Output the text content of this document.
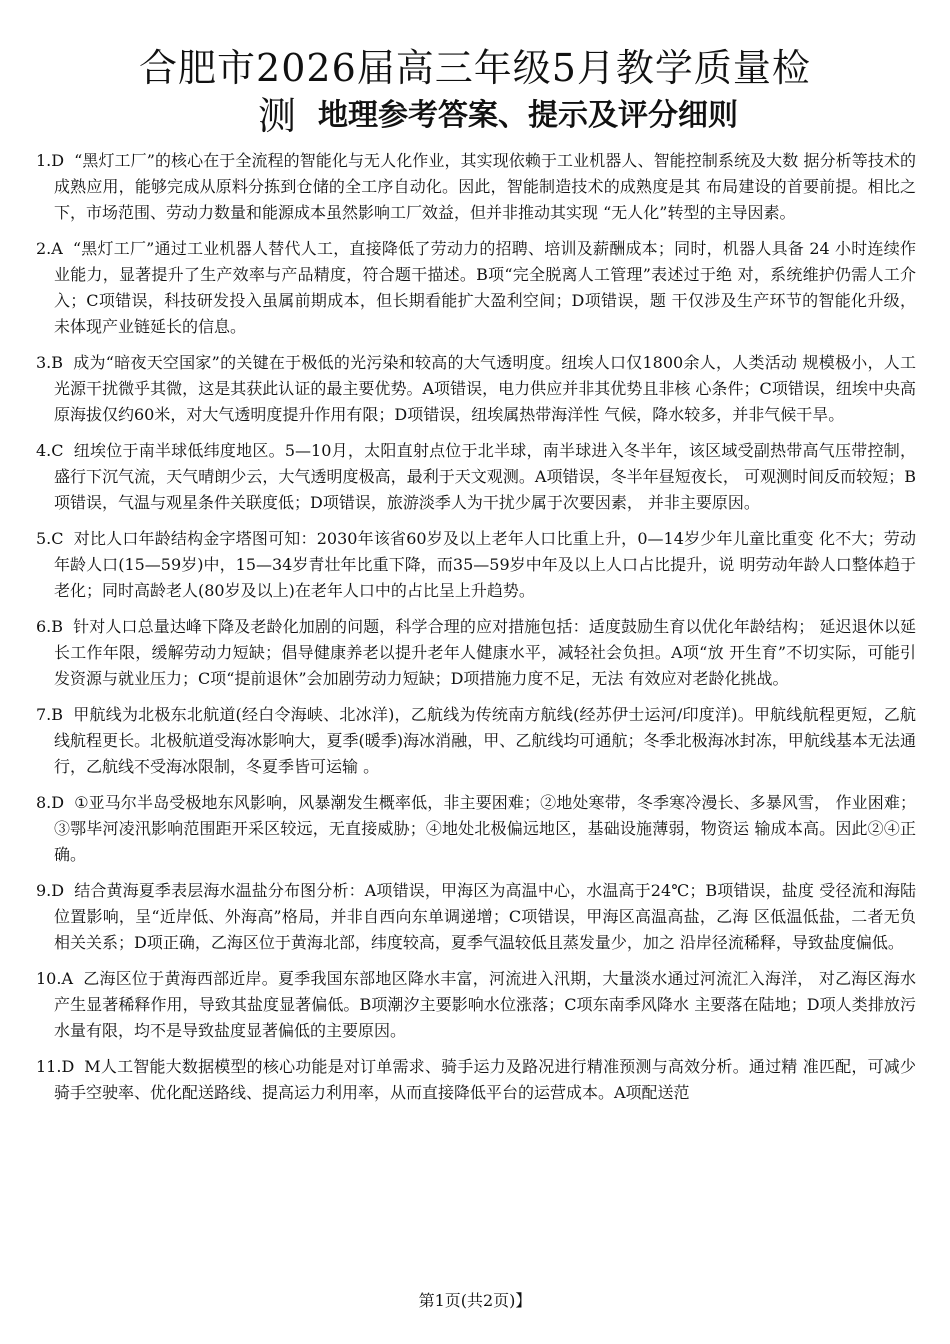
合肥市2026届高三年级5月教学质量检
测 地理参考答案、提示及评分细则
1.D “黑灯工厂”的核心在于全流程的智能化与无人化作业，其实现依赖于工业机器人、智能控制系统及大数 据分析等技术的成熟应用，能够完成从原料分拣到仓储的全工序自动化。因此，智能制造技术的成熟度是其 布局建设的首要前提。相比之下，市场范围、劳动力数量和能源成本虽然影响工厂效益，但并非推动其实现 “无人化”转型的主导因素。
2.A “黑灯工厂”通过工业机器人替代人工，直接降低了劳动力的招聘、培训及薪酬成本；同时，机器人具备 24 小时连续作业能力，显著提升了生产效率与产品精度，符合题干描述。B项“完全脱离人工管理”表述过于绝 对，系统维护仍需人工介入；C项错误，科技研发投入虽属前期成本，但长期看能扩大盈利空间；D项错误，题 干仅涉及生产环节的智能化升级，未体现产业链延长的信息。
3.B 成为“暗夜天空国家”的关键在于极低的光污染和较高的大气透明度。纽埃人口仅1800余人，人类活动 规模极小，人工光源干扰微乎其微，这是其获此认证的最主要优势。A项错误，电力供应并非其优势且非核 心条件；C项错误，纽埃中央高原海拔仅约60米，对大气透明度提升作用有限；D项错误，纽埃属热带海洋性 气候，降水较多，并非气候干旱。
4.C 纽埃位于南半球低纬度地区。5—10月，太阳直射点位于北半球，南半球进入冬半年，该区域受副热带高气压带控制，盛行下沉气流，天气晴朗少云，大气透明度极高，最利于天文观测。A项错误，冬半年昼短夜长， 可观测时间反而较短；B项错误，气温与观星条件关联度低；D项错误，旅游淡季人为干扰少属于次要因素， 并非主要原因。
5.C 对比人口年龄结构金字塔图可知：2030年该省60岁及以上老年人口比重上升，0—14岁少年儿童比重变 化不大；劳动年龄人口(15—59岁)中，15—34岁青壮年比重下降，而35—59岁中年及以上人口占比提升，说 明劳动年龄人口整体趋于老化；同时高龄老人(80岁及以上)在老年人口中的占比呈上升趋势。
6.B 针对人口总量达峰下降及老龄化加剧的问题，科学合理的应对措施包括：适度鼓励生育以优化年龄结构； 延迟退休以延长工作年限，缓解劳动力短缺；倡导健康养老以提升老年人健康水平，减轻社会负担。A项“放 开生育”不切实际，可能引发资源与就业压力；C项“提前退休”会加剧劳动力短缺；D项措施力度不足，无法 有效应对老龄化挑战。
7.B 甲航线为北极东北航道(经白令海峡、北冰洋)，乙航线为传统南方航线(经苏伊士运河/印度洋)。甲航线航程更短，乙航线航程更长。北极航道受海冰影响大，夏季(暖季)海冰消融，甲、乙航线均可通航；冬季北极海冰封冻，甲航线基本无法通行，乙航线不受海冰限制，冬夏季皆可运输 。
8.D ①亚马尔半岛受极地东风影响，风暴潮发生概率低，非主要困难；②地处寒带，冬季寒冷漫长、多暴风雪， 作业困难；③鄂毕河凌汛影响范围距开采区较远，无直接威胁；④地处北极偏远地区，基础设施薄弱，物资运 输成本高。因此②④正确。
9.D 结合黄海夏季表层海水温盐分布图分析：A项错误，甲海区为高温中心，水温高于24℃；B项错误，盐度 受径流和海陆位置影响，呈“近岸低、外海高”格局，并非自西向东单调递增；C项错误，甲海区高温高盐，乙海 区低温低盐，二者无负相关关系；D项正确，乙海区位于黄海北部，纬度较高，夏季气温较低且蒸发量少，加之 沿岸径流稀释，导致盐度偏低。
10.A 乙海区位于黄海西部近岸。夏季我国东部地区降水丰富，河流进入汛期，大量淡水通过河流汇入海洋， 对乙海区海水产生显著稀释作用，导致其盐度显著偏低。B项潮汐主要影响水位涨落；C项东南季风降水 主要落在陆地；D项人类排放污水量有限，均不是导致盐度显著偏低的主要原因。
11.D M人工智能大数据模型的核心功能是对订单需求、骑手运力及路况进行精准预测与高效分析。通过精 准匹配，可减少骑手空驶率、优化配送路线、提高运力利用率，从而直接降低平台的运营成本。A项配送范
第1页(共2页)】
